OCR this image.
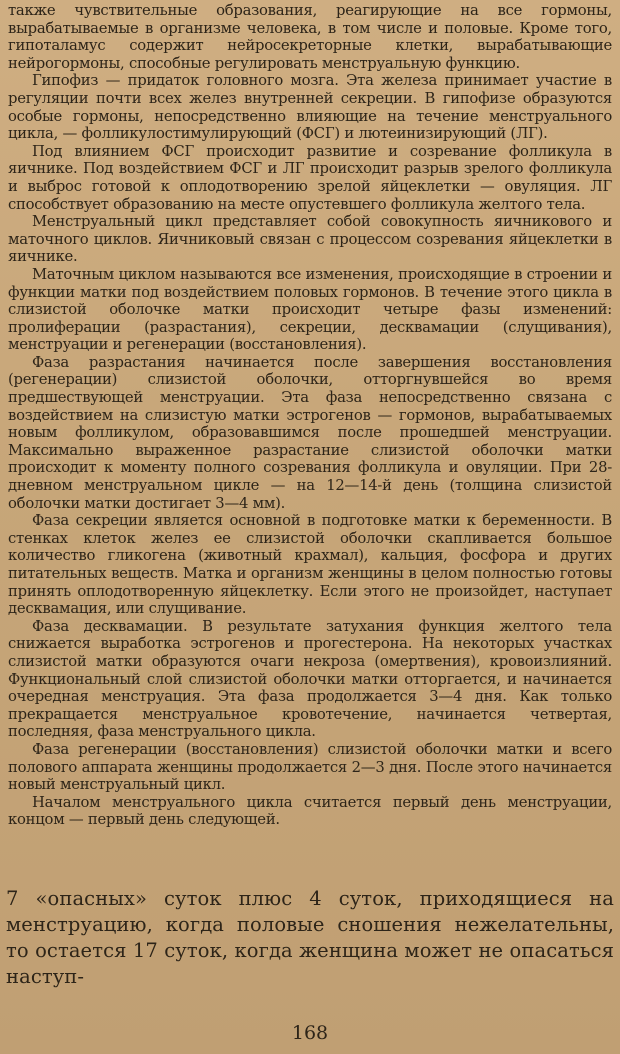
также чувствительные образования, реагирующие на все гормоны, вырабатываемые в организме человека, в том числе и половые. Кроме того, гипоталамус содержит нейросекреторные клетки, вырабатывающие нейрогормоны, способные регулировать менструальную функцию.

Гипофиз — придаток головного мозга. Эта железа принимает участие в регуляции почти всех желез внутренней секреции. В гипофизе образуются особые гормоны, непосредственно влияющие на течение менструального цикла, — фолликулостимулирующий (ФСГ) и лютеинизирующий (ЛГ).

Под влиянием ФСГ происходит развитие и созревание фолликула в яичнике. Под воздействием ФСГ и ЛГ происходит разрыв зрелого фолликула и выброс готовой к оплодотворению зрелой яйцеклетки — овуляция. ЛГ способствует образованию на месте опустевшего фолликула желтого тела.

Менструальный цикл представляет собой совокупность яичникового и маточного циклов. Яичниковый связан с процессом созревания яйцеклетки в яичнике.

Маточным циклом называются все изменения, происходящие в строении и функции матки под воздействием половых гормонов. В течение этого цикла в слизистой оболочке матки происходит четыре фазы изменений: пролиферации (разрастания), секреции, десквамации (слущивания), менструации и регенерации (восстановления).

Фаза разрастания начинается после завершения восстановления (регенерации) слизистой оболочки, отторгнувшейся во время предшествующей менструации. Эта фаза непосредственно связана с воздействием на слизистую матки эстрогенов — гормонов, вырабатываемых новым фолликулом, образовавшимся после прошедшей менструации. Максимально выраженное разрастание слизистой оболочки матки происходит к моменту полного созревания фолликула и овуляции. При 28-дневном менструальном цикле — на 12—14-й день (толщина слизистой оболочки матки достигает 3—4 мм).

Фаза секреции является основной в подготовке матки к беременности. В стенках клеток желез ее слизистой оболочки скапливается большое количество гликогена (животный крахмал), кальция, фосфора и других питательных веществ. Матка и организм женщины в целом полностью готовы принять оплодотворенную яйцеклетку. Если этого не произойдет, наступает десквамация, или слущивание.

Фаза десквамации. В результате затухания функция желтого тела снижается выработка эстрогенов и прогестерона. На некоторых участках слизистой матки образуются очаги некроза (омертвения), кровоизлияний. Функциональный слой слизистой оболочки матки отторгается, и начинается очередная менструация. Эта фаза продолжается 3—4 дня. Как только прекращается менструальное кровотечение, начинается четвертая, последняя, фаза менструального цикла.

Фаза регенерации (восстановления) слизистой оболочки матки и всего полового аппарата женщины продолжается 2—3 дня. После этого начинается новый менструальный цикл.

Началом менструального цикла считается первый день менструации, концом — первый день следующей.

7 «опасных» суток плюс 4 суток, приходящиеся на менструацию, когда половые сношения нежелательны, то остается 17 суток, когда женщина может не опасаться наступ-

168
